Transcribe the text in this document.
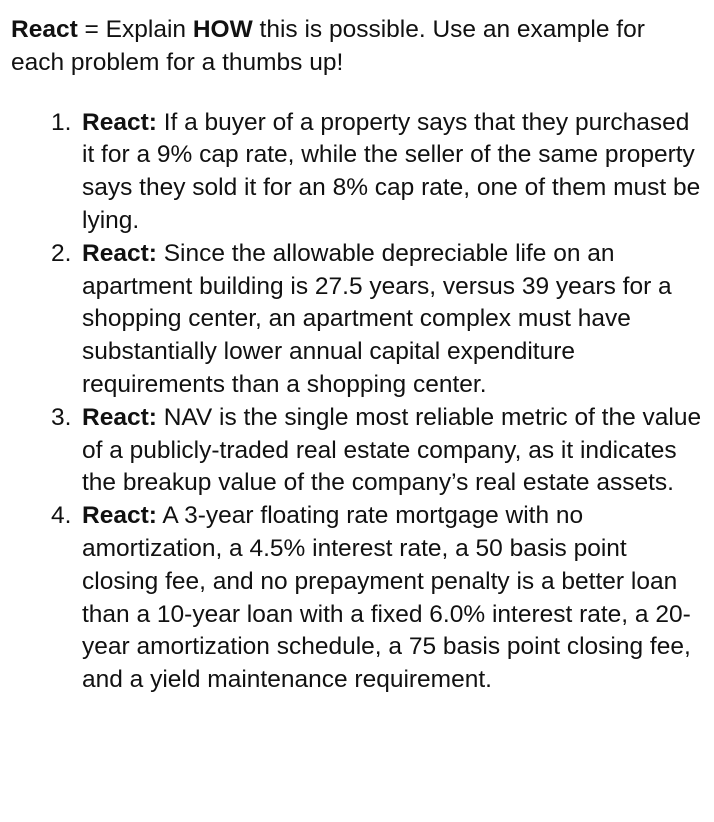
React = Explain HOW this is possible. Use an example for each problem for a thumbs up!

1. React: If a buyer of a property says that they purchased it for a 9% cap rate, while the seller of the same property says they sold it for an 8% cap rate, one of them must be lying.
2. React: Since the allowable depreciable life on an apartment building is 27.5 years, versus 39 years for a shopping center, an apartment complex must have substantially lower annual capital expenditure requirements than a shopping center.
3. React: NAV is the single most reliable metric of the value of a publicly-traded real estate company, as it indicates the breakup value of the company’s real estate assets.
4. React: A 3-year floating rate mortgage with no amortization, a 4.5% interest rate, a 50 basis point closing fee, and no prepayment penalty is a better loan than a 10-year loan with a fixed 6.0% interest rate, a 20-year amortization schedule, a 75 basis point closing fee, and a yield maintenance requirement.
